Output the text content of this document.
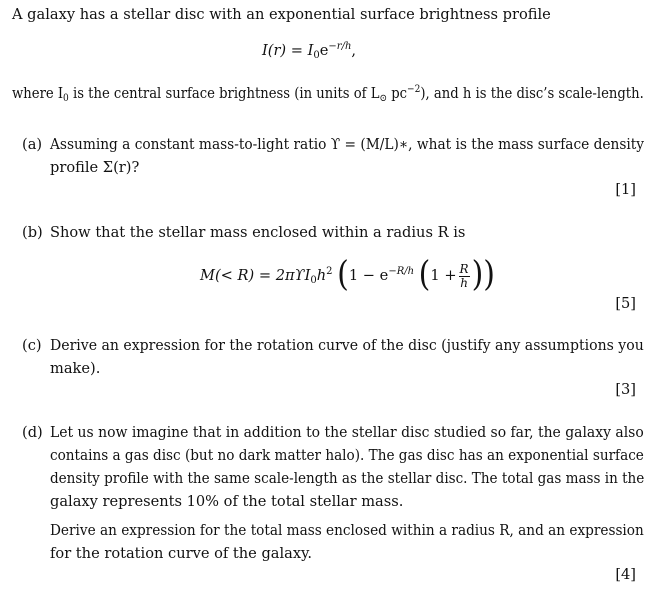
A galaxy has a stellar disc with an exponential surface brightness profile
$I(r) = I_0e^{-r/h}$,
where $I_0$ is the central surface brightness (in units of $L_⊙$ $pc^{-2}$), and h is the disc’s scale-length.
(a) Assuming a constant mass-to-light ratio ϒ = (M/L)∗, what is the mass surface density
profile Σ(r)?
[1]
(b) Show that the stellar mass enclosed within a radius R is
$M(< R) = 2\pi ϒI_0h^2$ ($1 - e^{-R/h}$ ($1 + \frac{R}{h}$ ))
[5]
(c) Derive an expression for the rotation curve of the disc (justify any assumptions you
make).
[3]
(d) Let us now imagine that in addition to the stellar disc studied so far, the galaxy also
contains a gas disc (but no dark matter halo). The gas disc has an exponential surface
density profile with the same scale-length as the stellar disc. The total gas mass in the
galaxy represents 10% of the total stellar mass.
Derive an expression for the total mass enclosed within a radius R, and an expression
for the rotation curve of the galaxy.
[4]
